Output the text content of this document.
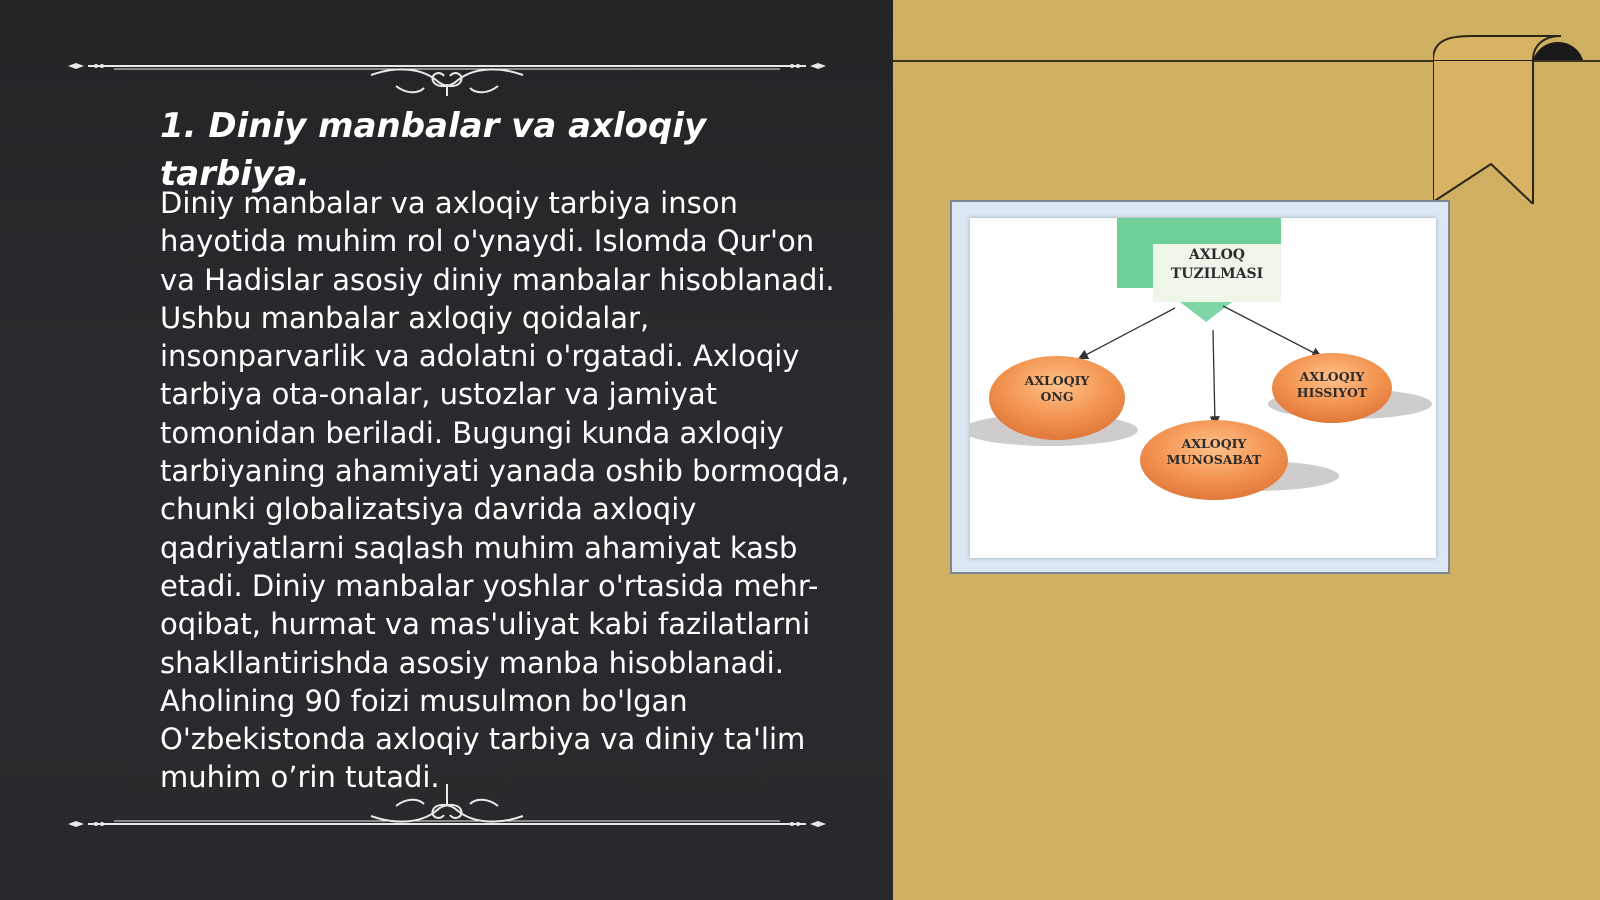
1. Diniy manbalar va axloqiy tarbiya.

Diniy manbalar va axloqiy tarbiya inson hayotida muhim rol o'ynaydi. Islomda Qur'on va Hadislar asosiy diniy manbalar hisoblanadi. Ushbu manbalar axloqiy qoidalar, insonparvarlik va adolatni o'rgatadi. Axloqiy tarbiya ota-onalar, ustozlar va jamiyat tomonidan beriladi. Bugungi kunda axloqiy tarbiyaning ahamiyati yanada oshib bormoqda, chunki globalizatsiya davrida axloqiy qadriyatlarni saqlash muhim ahamiyat kasb etadi. Diniy manbalar yoshlar o'rtasida mehr-oqibat, hurmat va mas'uliyat kabi fazilatlarni shakllantirishda asosiy manba hisoblanadi. Aholining 90 foizi musulmon bo'lgan O'zbekistonda axloqiy tarbiya va diniy ta'lim muhim o’rin tutadi.

AXLOQ
TUZILMASI
AXLOQIY
ONG
AXLOQIY
MUNOSABAT
AXLOQIY
HISSIYOT
